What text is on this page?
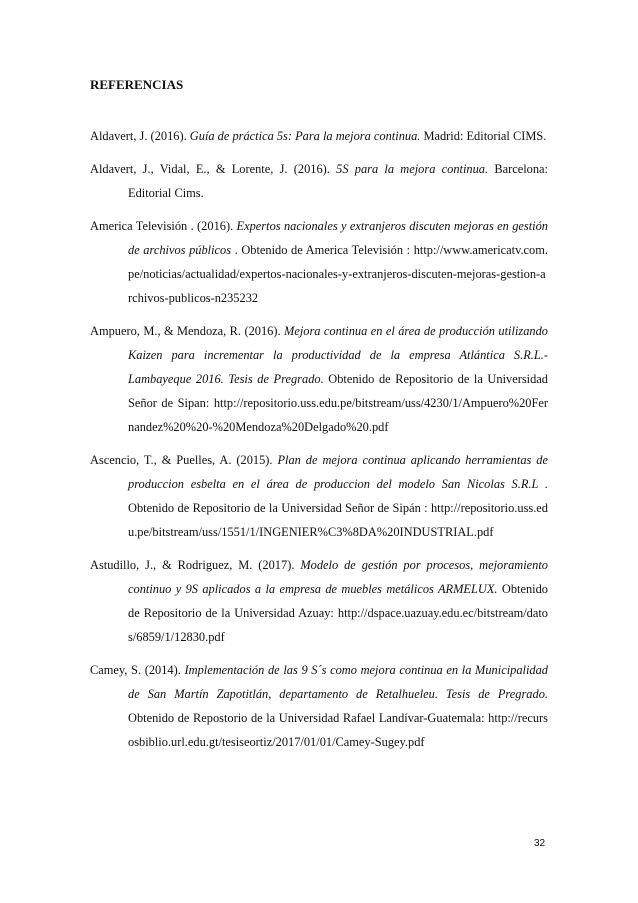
REFERENCIAS

Aldavert, J. (2016). Guía de práctica 5s: Para la mejora continua. Madrid: Editorial CIMS.

Aldavert, J., Vidal, E., & Lorente, J. (2016). 5S para la mejora continua. Barcelona: Editorial Cims.

America Televisión . (2016). Expertos nacionales y extranjeros discuten mejoras en gestión de archivos públicos . Obtenido de America Televisión : http://www.americatv.com.pe/noticias/actualidad/expertos-nacionales-y-extranjeros-discuten-mejoras-gestion-archivos-publicos-n235232

Ampuero, M., & Mendoza, R. (2016). Mejora continua en el área de producción utilizando Kaizen para incrementar la productividad de la empresa Atlántica S.R.L.-Lambayeque 2016. Tesis de Pregrado. Obtenido de Repositorio de la Universidad Señor de Sipan: http://repositorio.uss.edu.pe/bitstream/uss/4230/1/Ampuero%20Fernandez%20%20-%20Mendoza%20Delgado%20.pdf

Ascencio, T., & Puelles, A. (2015). Plan de mejora continua aplicando herramientas de produccion esbelta en el área de produccion del modelo San Nicolas S.R.L . Obtenido de Repositorio de la Universidad Señor de Sipán : http://repositorio.uss.edu.pe/bitstream/uss/1551/1/INGENIER%C3%8DA%20INDUSTRIAL.pdf

Astudillo, J., & Rodriguez, M. (2017). Modelo de gestión por procesos, mejoramiento continuo y 9S aplicados a la empresa de muebles metálicos ARMELUX. Obtenido de Repositorio de la Universidad Azuay: http://dspace.uazuay.edu.ec/bitstream/datos/6859/1/12830.pdf

Camey, S. (2014). Implementación de las 9 S´s como mejora continua en la Municipalidad de San Martín Zapotitlán, departamento de Retalhueleu. Tesis de Pregrado. Obtenido de Repostorio de la Universidad Rafael Landívar-Guatemala: http://recursosbiblio.url.edu.gt/tesiseortiz/2017/01/01/Camey-Sugey.pdf

32
